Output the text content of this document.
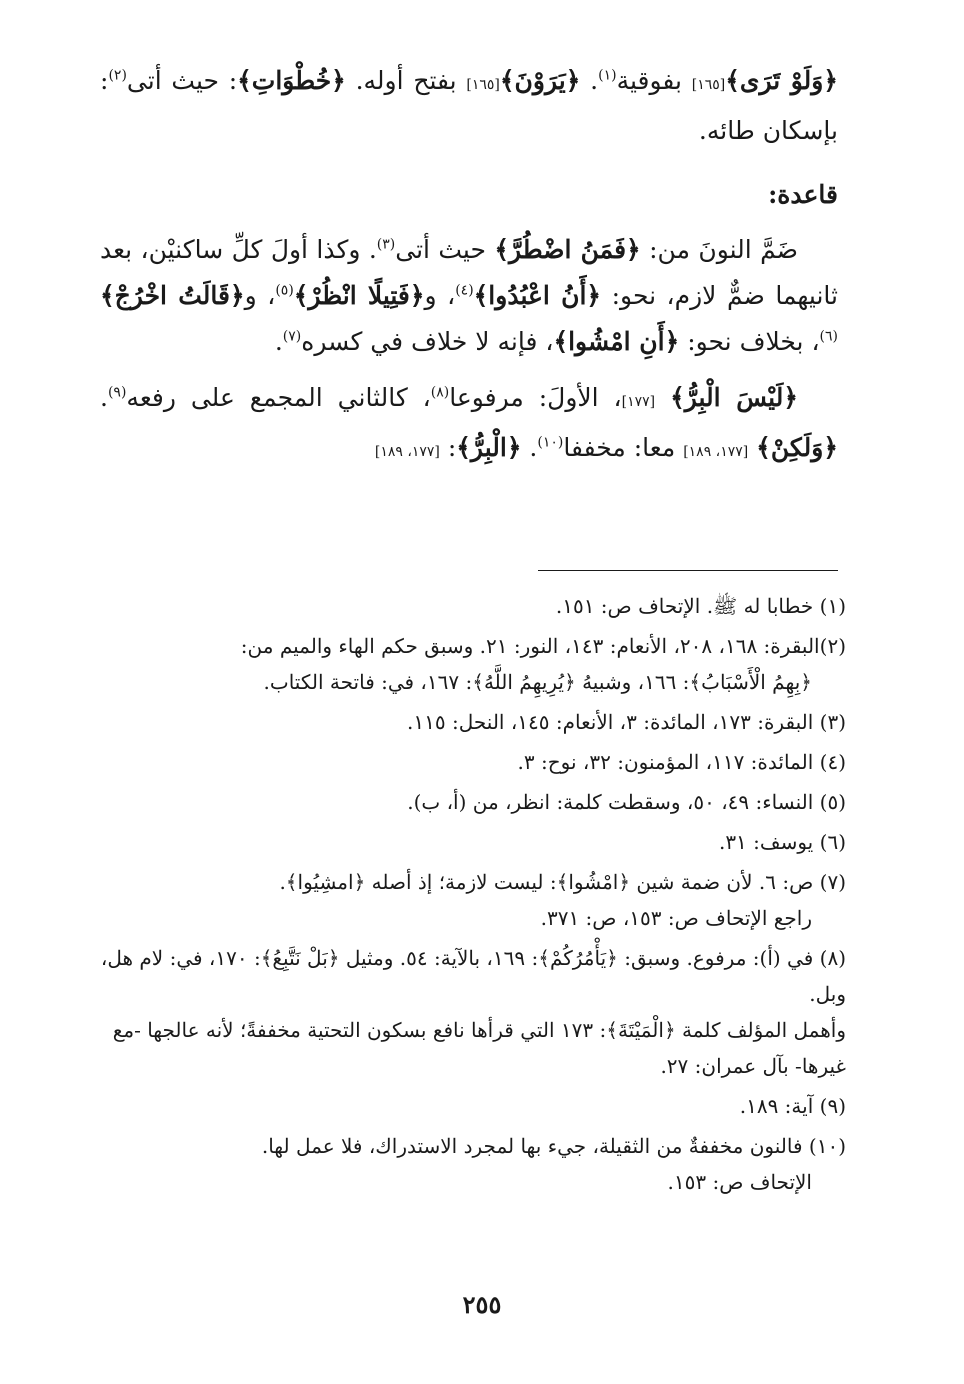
﴿وَلَوْ تَرَى﴾[١٦٥] بفوقية$^{(١)}$. ﴿يَرَوْنَ﴾[١٦٥] بفتح أوله. ﴿خُطْوَاتِ﴾: حيث أتى$^{(٢)}$: بإسكان طائه.

قاعدة:

ضَمَّ النونَ من: ﴿فَمَنُ اضْطُرَّ﴾ حيث أتى$^{(٣)}$. وكذا أولَ كلِّ ساكنيْن، بعد ثانيهما ضمٌّ لازم، نحو: ﴿أَنُ اعْبُدُوا﴾$^{(٤)}$، و﴿فَتِيلًا انْظُرْ﴾$^{(٥)}$، و﴿قَالَتُ اخْرُجْ﴾$^{(٦)}$، بخلاف نحو: ﴿أَنِ امْشُوا﴾، فإنه لا خلاف في كسره$^{(٧)}$.

﴿لَيْسَ الْبِرُّ﴾ [١٧٧]، الأولَ: مرفوعا$^{(٨)}$، كالثاني المجمع على رفعه$^{(٩)}$. ﴿وَلَكِنْ﴾ [١٧٧، ١٨٩] معا: مخففا$^{(١٠)}$. ﴿الْبِرُّ﴾: [١٧٧، ١٨٩]

(١) خطابا له ﷺ. الإتحاف ص: ١٥١.
(٢)البقرة: ١٦٨، ٢٠٨، الأنعام: ١٤٣، النور: ٢١. وسبق حكم الهاء والميم من:
﴿بِهِمُ الْأَسْبَابُ﴾: ١٦٦، وشبيهُ ﴿يُرِيهِمُ اللَّهُ﴾: ١٦٧، في: فاتحة الكتاب.
(٣) البقرة: ١٧٣، المائدة: ٣، الأنعام: ١٤٥، النحل: ١١٥.
(٤) المائدة: ١١٧، المؤمنون: ٣٢، نوح: ٣.
(٥) النساء: ٤٩، ٥٠، وسقطت كلمة: انظر، من (أ، ب).
(٦) يوسف: ٣١.
(٧) ص: ٦. لأن ضمة شين ﴿امْشُوا﴾: ليست لازمة؛ إذ أصله ﴿امشِيُوا﴾.
راجع الإتحاف ص: ١٥٣، ص: ٣٧١.
(٨) في (أ): مرفوع. وسبق: ﴿يَأْمُرُكُمْ﴾: ١٦٩، بالآية: ٥٤. ومثيل ﴿بَلْ نَتَّبِعُ﴾: ١٧٠، في: لام هل، وبل.
وأهمل المؤلف كلمة ﴿الْمَيْتَةَ﴾: ١٧٣ التي قرأها نافع بسكون التحتية مخففةً؛ لأنه عالجها -مع غيرها- بآل عمران: ٢٧.
(٩) آية: ١٨٩.
(١٠) فالنون مخففةٌ من الثقيلة، جيء بها لمجرد الاستدراك، فلا عمل لها.
الإتحاف ص: ١٥٣.
٢٥٥
